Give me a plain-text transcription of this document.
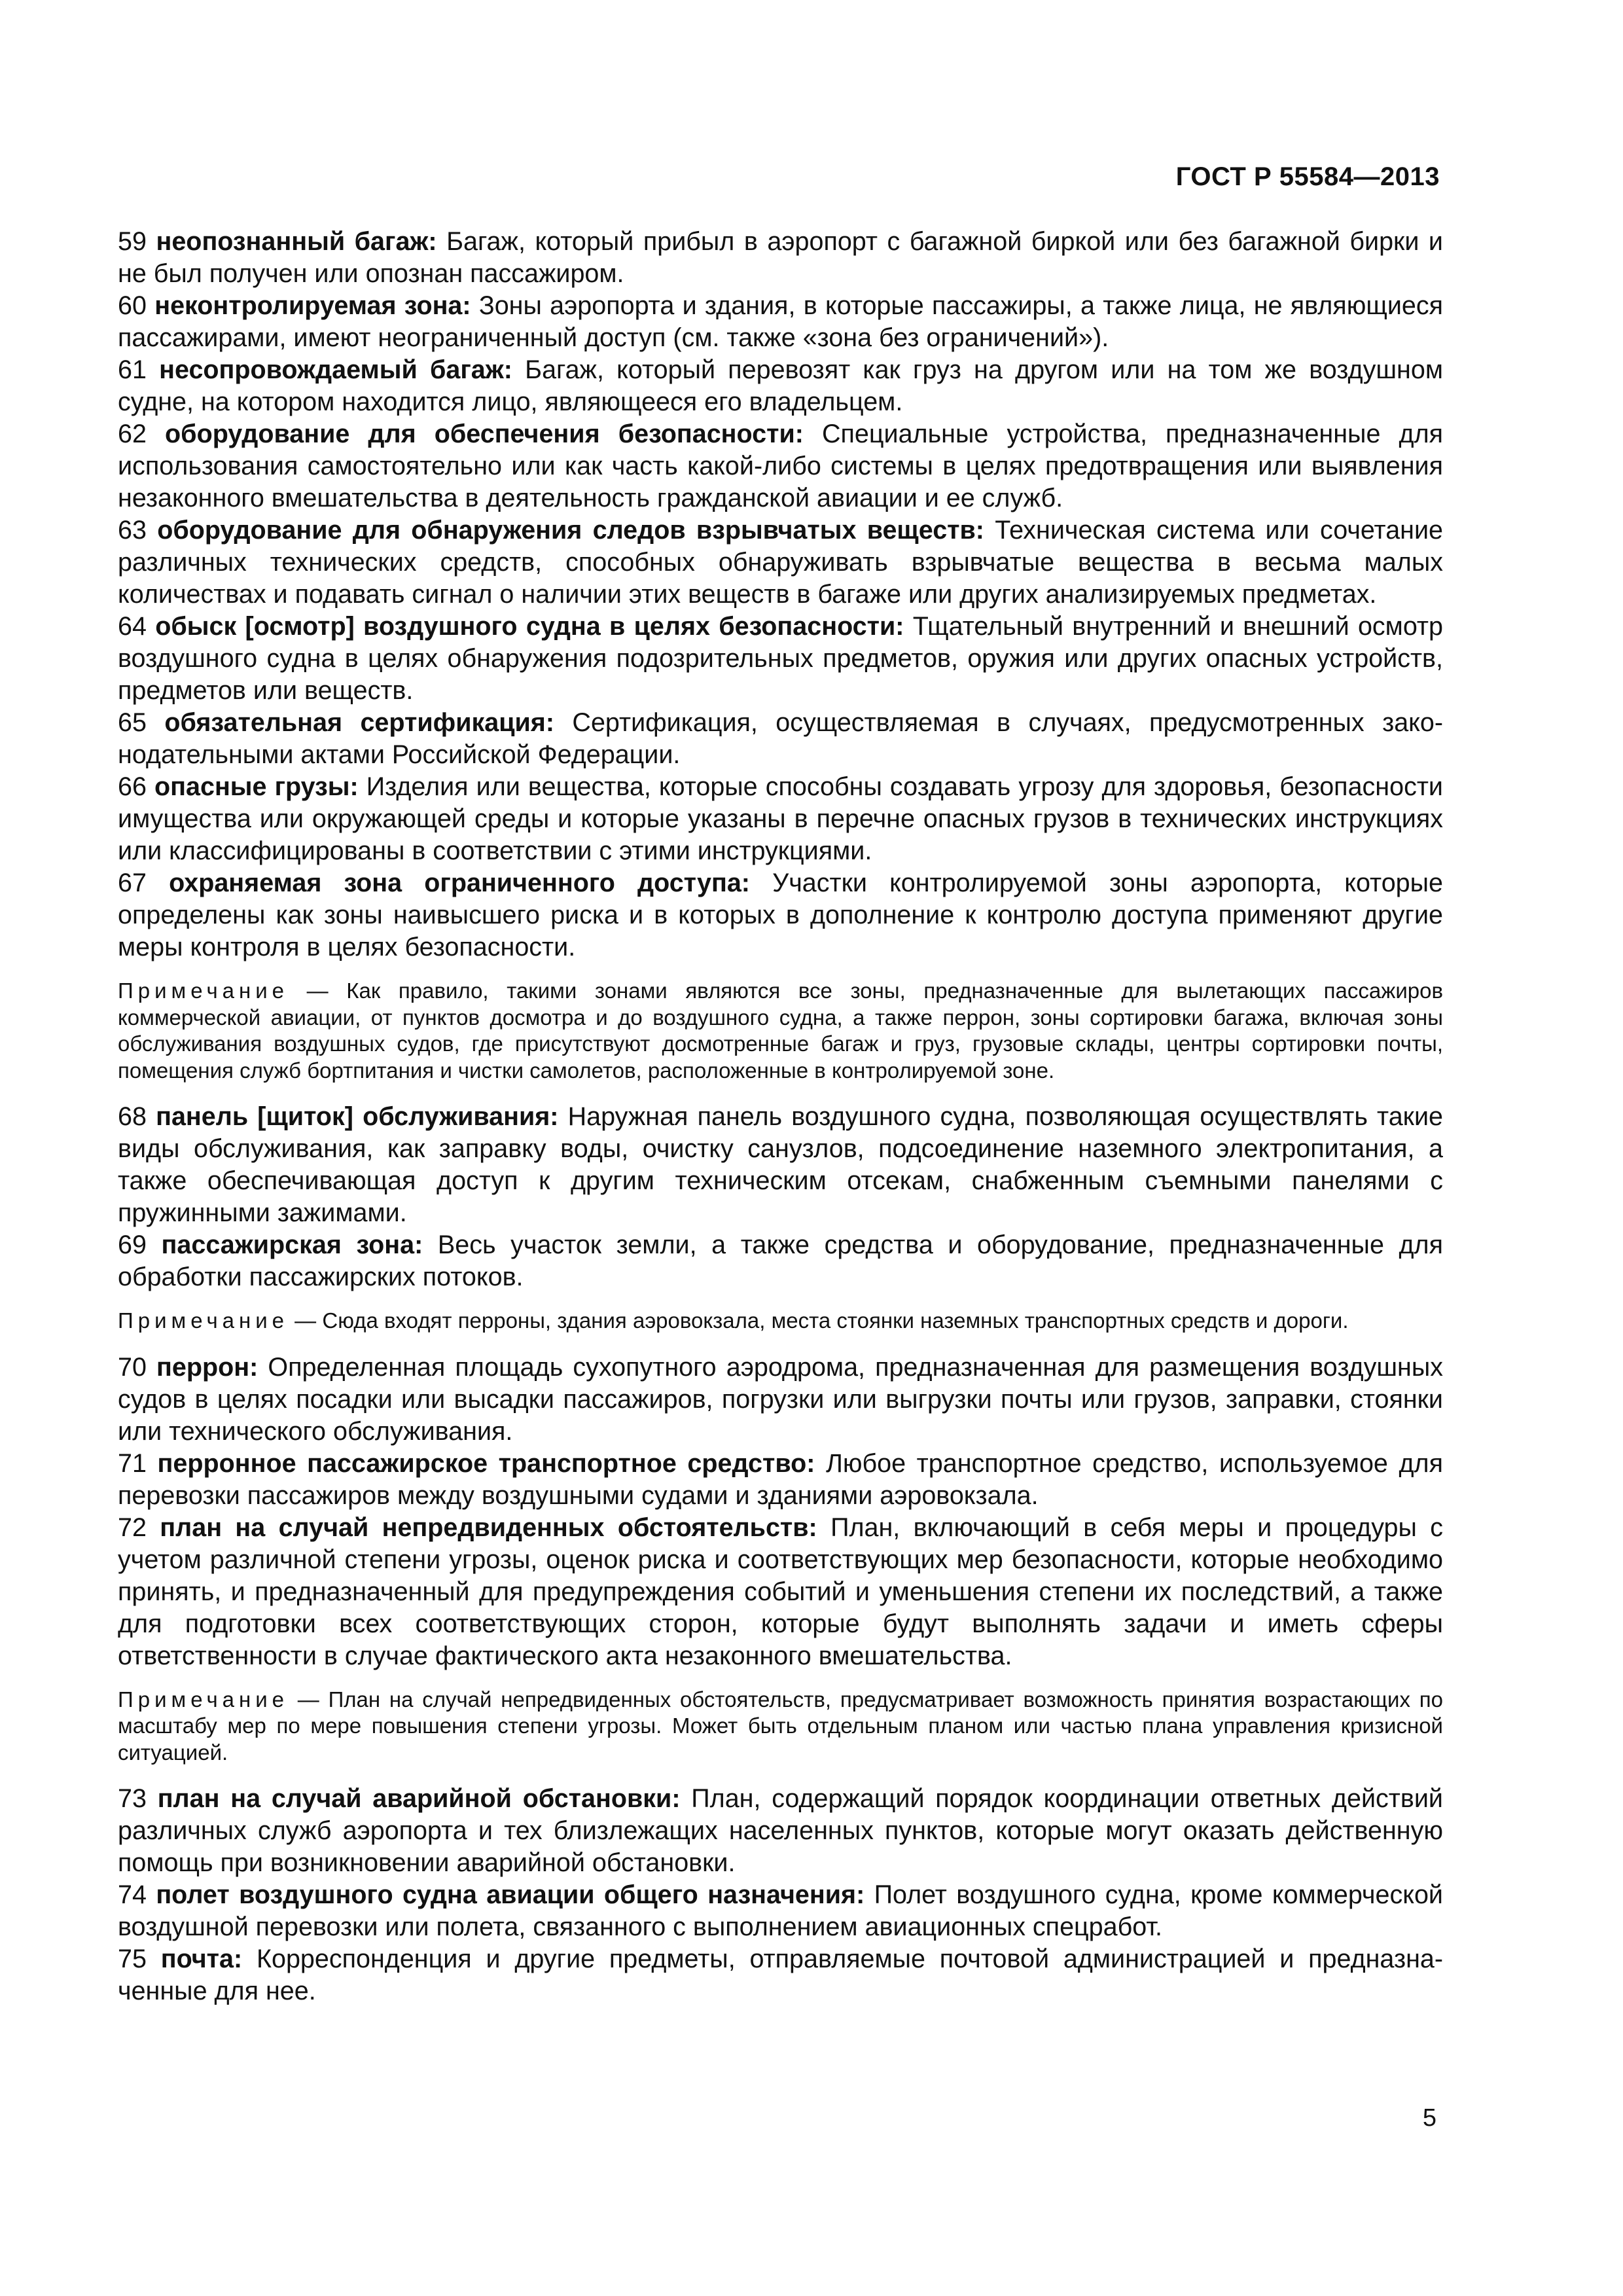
ГОСТ Р 55584—2013

59 неопознанный багаж: Багаж, который прибыл в аэропорт с багажной биркой или без багажной бирки и не был получен или опознан пассажиром.

60 неконтролируемая зона: Зоны аэропорта и здания, в которые пассажиры, а также лица, не являющиеся пассажирами, имеют неограниченный доступ (см. также «зона без ограничений»).

61 несопровождаемый багаж: Багаж, который перевозят как груз на другом или на том же воздушном судне, на котором находится лицо, являющееся его владельцем.

62 оборудование для обеспечения безопасности: Специальные устройства, предназначенные для использования самостоятельно или как часть какой-либо системы в целях предотвращения или выявления незаконного вмешательства в деятельность гражданской авиации и ее служб.

63 оборудование для обнаружения следов взрывчатых веществ: Техническая система или сочетание различных технических средств, способных обнаруживать взрывчатые вещества в весьма малых количествах и подавать сигнал о наличии этих веществ в багаже или других анализируемых предметах.

64 обыск [осмотр] воздушного судна в целях безопасности: Тщательный внутренний и внешний осмотр воздушного судна в целях обнаружения подозрительных предметов, оружия или других опасных устройств, предметов или веществ.

65 обязательная сертификация: Сертификация, осуществляемая в случаях, предусмотренных законодательными актами Российской Федерации.

66 опасные грузы: Изделия или вещества, которые способны создавать угрозу для здоровья, безопасности имущества или окружающей среды и которые указаны в перечне опасных грузов в технических инструкциях или классифицированы в соответствии с этими инструкциями.

67 охраняемая зона ограниченного доступа: Участки контролируемой зоны аэропорта, которые определены как зоны наивысшего риска и в которых в дополнение к контролю доступа применяют другие меры контроля в целях безопасности.

Примечание — Как правило, такими зонами являются все зоны, предназначенные для вылетающих пассажиров коммерческой авиации, от пунктов досмотра и до воздушного судна, а также перрон, зоны сортировки багажа, включая зоны обслуживания воздушных судов, где присутствуют досмотренные багаж и груз, грузовые склады, центры сортировки почты, помещения служб бортпитания и чистки самолетов, расположенные в контролируемой зоне.

68 панель [щиток] обслуживания: Наружная панель воздушного судна, позволяющая осуществлять такие виды обслуживания, как заправку воды, очистку санузлов, подсоединение наземного электропитания, а также обеспечивающая доступ к другим техническим отсекам, снабженным съемными панелями с пружинными зажимами.

69 пассажирская зона: Весь участок земли, а также средства и оборудование, предназначенные для обработки пассажирских потоков.

Примечание — Сюда входят перроны, здания аэровокзала, места стоянки наземных транспортных средств и дороги.

70 перрон: Определенная площадь сухопутного аэродрома, предназначенная для размещения воздушных судов в целях посадки или высадки пассажиров, погрузки или выгрузки почты или грузов, заправки, стоянки или технического обслуживания.

71 перронное пассажирское транспортное средство: Любое транспортное средство, используемое для перевозки пассажиров между воздушными судами и зданиями аэровокзала.

72 план на случай непредвиденных обстоятельств: План, включающий в себя меры и процедуры с учетом различной степени угрозы, оценок риска и соответствующих мер безопасности, которые необходимо принять, и предназначенный для предупреждения событий и уменьшения степени их последствий, а также для подготовки всех соответствующих сторон, которые будут выполнять задачи и иметь сферы ответственности в случае фактического акта незаконного вмешательства.

Примечание — План на случай непредвиденных обстоятельств, предусматривает возможность принятия возрастающих по масштабу мер по мере повышения степени угрозы. Может быть отдельным планом или частью плана управления кризисной ситуацией.

73 план на случай аварийной обстановки: План, содержащий порядок координации ответных действий различных служб аэропорта и тех близлежащих населенных пунктов, которые могут оказать действенную помощь при возникновении аварийной обстановки.

74 полет воздушного судна авиации общего назначения: Полет воздушного судна, кроме коммерческой воздушной перевозки или полета, связанного с выполнением авиационных спецработ.

75 почта: Корреспонденция и другие предметы, отправляемые почтовой администрацией и предназначенные для нее.

5
